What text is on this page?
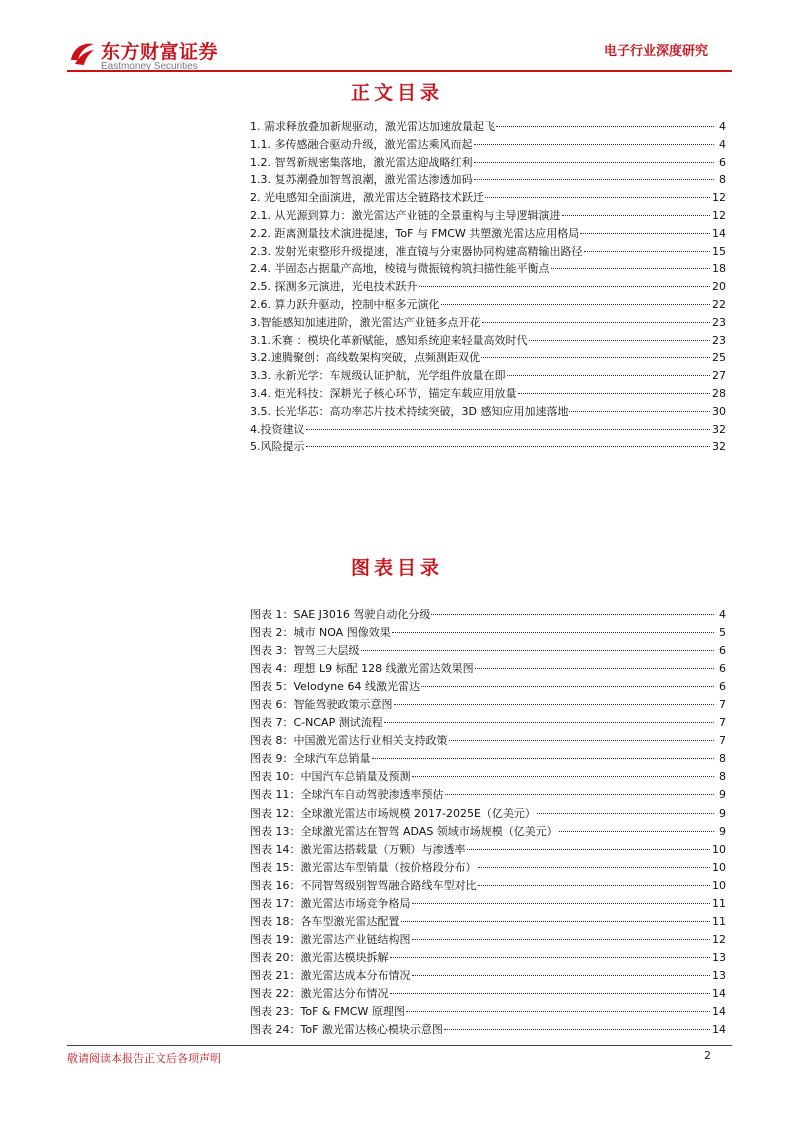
东方财富证券
Eastmoney Securities
电子行业深度研究
正文目录
1. 需求释放叠加新规驱动，激光雷达加速放量起飞	4
1.1. 多传感融合驱动升级，激光雷达乘风而起	4
1.2. 智驾新规密集落地，激光雷达迎战略红利	6
1.3. 复苏潮叠加智驾浪潮，激光雷达渗透加码	8
2. 光电感知全面演进，激光雷达全链路技术跃迁	12
2.1. 从光源到算力：激光雷达产业链的全景重构与主导逻辑演进	12
2.2. 距离测量技术演进提速，ToF 与 FMCW 共塑激光雷达应用格局	14
2.3. 发射光束整形升级提速，准直镜与分束器协同构建高精输出路径	15
2.4. 半固态占据量产高地，棱镜与微振镜构筑扫描性能平衡点	18
2.5. 探测多元演进，光电技术跃升	20
2.6. 算力跃升驱动，控制中枢多元演化	22
3.智能感知加速进阶，激光雷达产业链多点开花	23
3.1.禾赛 ：模块化革新赋能，感知系统迎来轻量高效时代	23
3.2.速腾聚创：高线数架构突破，点频测距双优	25
3.3. 永新光学：车规级认证护航，光学组件放量在即	27
3.4. 炬光科技：深耕光子核心环节，锚定车载应用放量	28
3.5. 长光华芯：高功率芯片技术持续突破，3D 感知应用加速落地	30
4.投资建议	32
5.风险提示	32
图表目录
图表 1：SAE J3016 驾驶自动化分级	4
图表 2：城市 NOA 图像效果	5
图表 3：智驾三大层级	6
图表 4：理想 L9 标配 128 线激光雷达效果图	6
图表 5：Velodyne 64 线激光雷达	6
图表 6：智能驾驶政策示意图	7
图表 7：C-NCAP 测试流程	7
图表 8：中国激光雷达行业相关支持政策	7
图表 9：全球汽车总销量	8
图表 10：中国汽车总销量及预测	8
图表 11：全球汽车自动驾驶渗透率预估	9
图表 12：全球激光雷达市场规模 2017-2025E（亿美元）	9
图表 13：全球激光雷达在智驾 ADAS 领域市场规模（亿美元）	9
图表 14：激光雷达搭载量（万颗）与渗透率	10
图表 15：激光雷达车型销量（按价格段分布）	10
图表 16：不同智驾级别智驾融合路线车型对比	10
图表 17：激光雷达市场竞争格局	11
图表 18：各车型激光雷达配置	11
图表 19：激光雷达产业链结构图	12
图表 20：激光雷达模块拆解	13
图表 21：激光雷达成本分布情况	13
图表 22：激光雷达分布情况	14
图表 23：ToF & FMCW 原理图	14
图表 24：ToF 激光雷达核心模块示意图	14
敬请阅读本报告正文后各项声明	2
